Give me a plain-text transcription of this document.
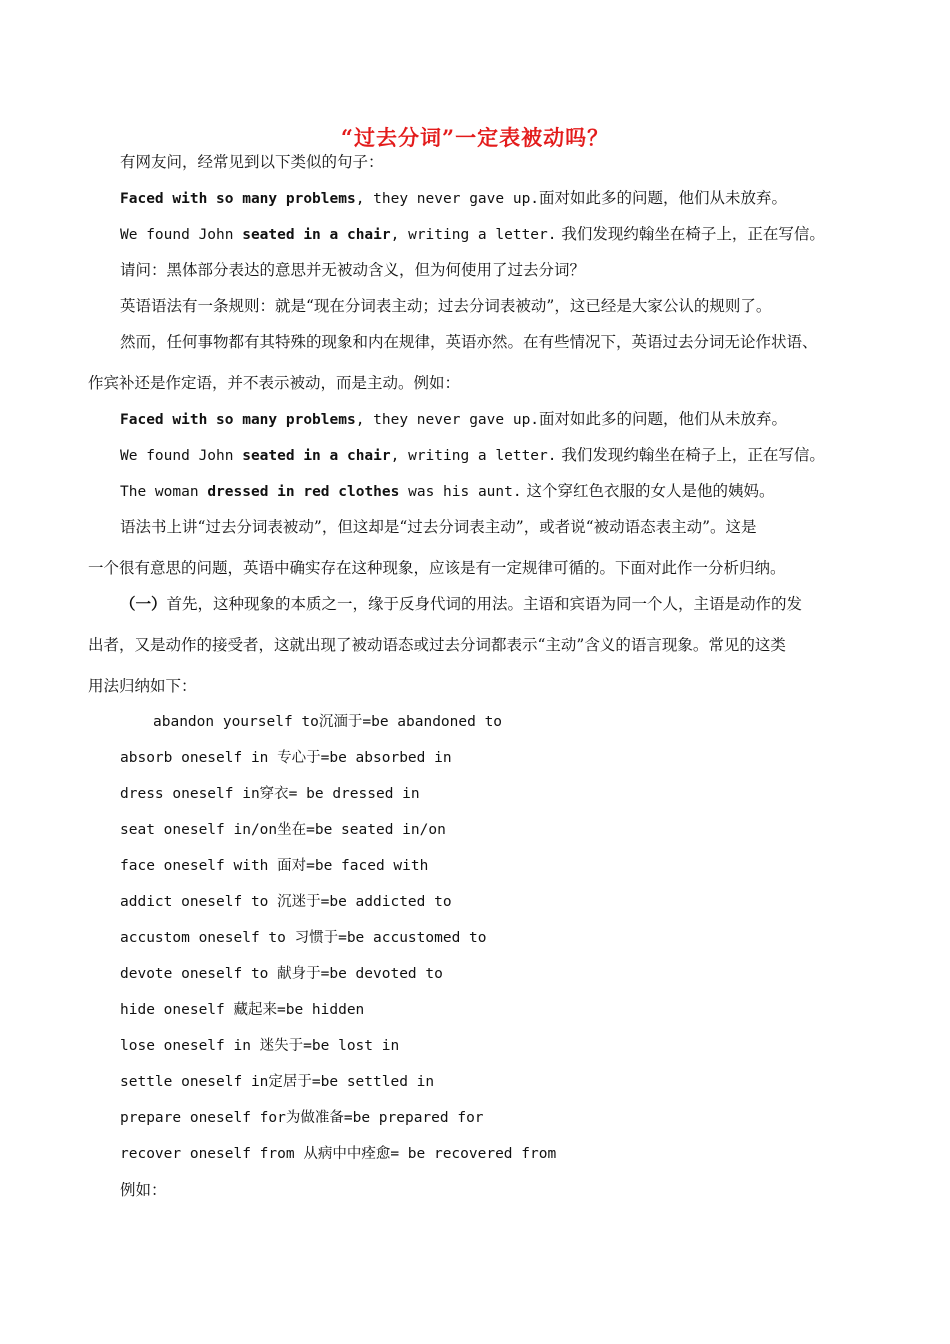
“过去分词”一定表被动吗？
有网友问，经常见到以下类似的句子：
Faced with so many problems, they never gave up.面对如此多的问题，他们从未放弃。
We found John seated in a chair, writing a letter. 我们发现约翰坐在椅子上，正在写信。
请问：黑体部分表达的意思并无被动含义，但为何使用了过去分词？
英语语法有一条规则：就是“现在分词表主动；过去分词表被动”，这已经是大家公认的规则了。
然而，任何事物都有其特殊的现象和内在规律，英语亦然。在有些情况下，英语过去分词无论作状语、
作宾补还是作定语，并不表示被动，而是主动。例如：
Faced with so many problems, they never gave up.面对如此多的问题，他们从未放弃。
We found John seated in a chair, writing a letter. 我们发现约翰坐在椅子上，正在写信。
The woman dressed in red clothes was his aunt. 这个穿红色衣服的女人是他的姨妈。
语法书上讲“过去分词表被动”，但这却是“过去分词表主动”，或者说“被动语态表主动”。这是
一个很有意思的问题，英语中确实存在这种现象，应该是有一定规律可循的。下面对此作一分析归纳。
（一）首先，这种现象的本质之一，缘于反身代词的用法。主语和宾语为同一个人，主语是动作的发
出者，又是动作的接受者，这就出现了被动语态或过去分词都表示“主动”含义的语言现象。常见的这类
用法归纳如下：
abandon yourself to沉湎于=be abandoned to
absorb oneself in 专心于=be absorbed in
dress oneself in穿衣= be dressed in
seat oneself in/on坐在=be seated in/on
face oneself with 面对=be faced with
addict oneself to 沉迷于=be addicted to
accustom oneself to 习惯于=be accustomed to
devote oneself to 献身于=be devoted to
hide oneself 藏起来=be hidden
lose oneself in 迷失于=be lost in
settle oneself in定居于=be settled in
prepare oneself for为做准备=be prepared for
recover oneself from 从病中中痊愈= be recovered from
例如：
